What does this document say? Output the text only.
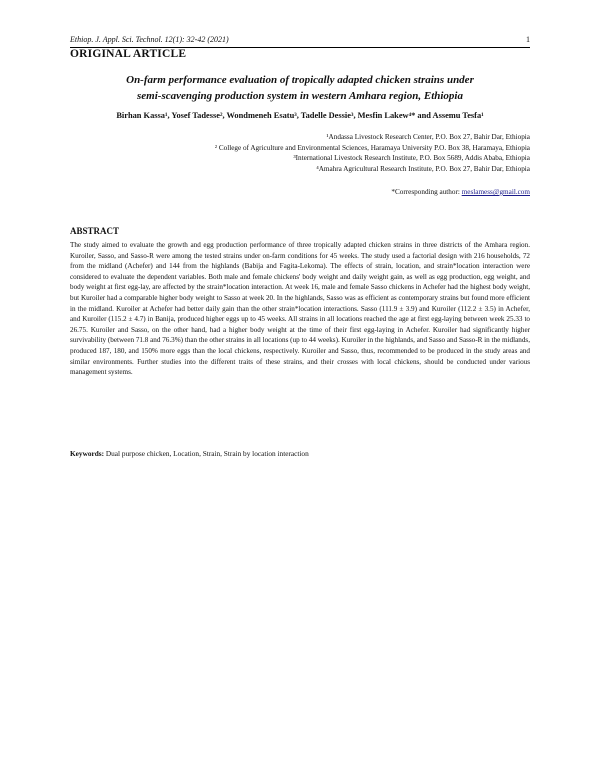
Ethiop. J. Appl. Sci. Technol. 12(1): 32-42 (2021)	1
ORIGINAL ARTICLE
On-farm performance evaluation of tropically adapted chicken strains under
semi-scavenging production system in western Amhara region, Ethiopia
Birhan Kassa¹, Yosef Tadesse², Wondmeneh Esatu³, Tadelle Dessie³, Mesfin Lakew⁴* and Assemu Tesfa¹
¹Andassa Livestock Research Center, P.O. Box 27, Bahir Dar, Ethiopia
² College of Agriculture and Environmental Sciences, Haramaya University P.O. Box 38, Haramaya, Ethiopia
³International Livestock Research Institute, P.O. Box 5689, Addis Ababa, Ethiopia
⁴Amahra Agricultural Research Institute, P.O. Box 27, Bahir Dar, Ethiopia
*Corresponding author: meslamess@gmail.com
ABSTRACT

The study aimed to evaluate the growth and egg production performance of three tropically adapted chicken strains in three districts of the Amhara region. Kuroiler, Sasso, and Sasso-R were among the tested strains under on-farm conditions for 45 weeks. The study used a factorial design with 216 households, 72 from the midland (Achefer) and 144 from the highlands (Babija and Fagita-Lekoma). The effects of strain, location, and strain*location interaction were considered to evaluate the dependent variables. Both male and female chickens' body weight and daily weight gain, as well as egg production, egg weight, and body weight at first egg-lay, are affected by the strain*location interaction. At week 16, male and female Sasso chickens in Achefer had the highest body weight, but Kuroiler had a comparable higher body weight to Sasso at week 20. In the highlands, Sasso was as efficient as contemporary strains but found more efficient in the midland. Kuroiler at Achefer had better daily gain than the other strain*location interactions. Sasso (111.9 ± 3.9) and Kuroiler (112.2 ± 3.5) in Achefer, and Kuroiler (115.2 ± 4.7) in Banija, produced higher eggs up to 45 weeks. All strains in all locations reached the age at first egg-laying between week 25.33 to 26.75. Kuroiler and Sasso, on the other hand, had a higher body weight at the time of their first egg-laying in Achefer. Kuroiler had significantly higher survivability (between 71.8 and 76.3%) than the other strains in all locations (up to 44 weeks). Kuroiler in the highlands, and Sasso and Sasso-R in the midlands, produced 187, 180, and 150% more eggs than the local chickens, respectively. Kuroiler and Sasso, thus, recommended to be produced in the study areas and similar environments. Further studies into the different traits of these strains, and their crosses with local chickens, should be conducted under various management systems.

Keywords: Dual purpose chicken, Location, Strain, Strain by location interaction
